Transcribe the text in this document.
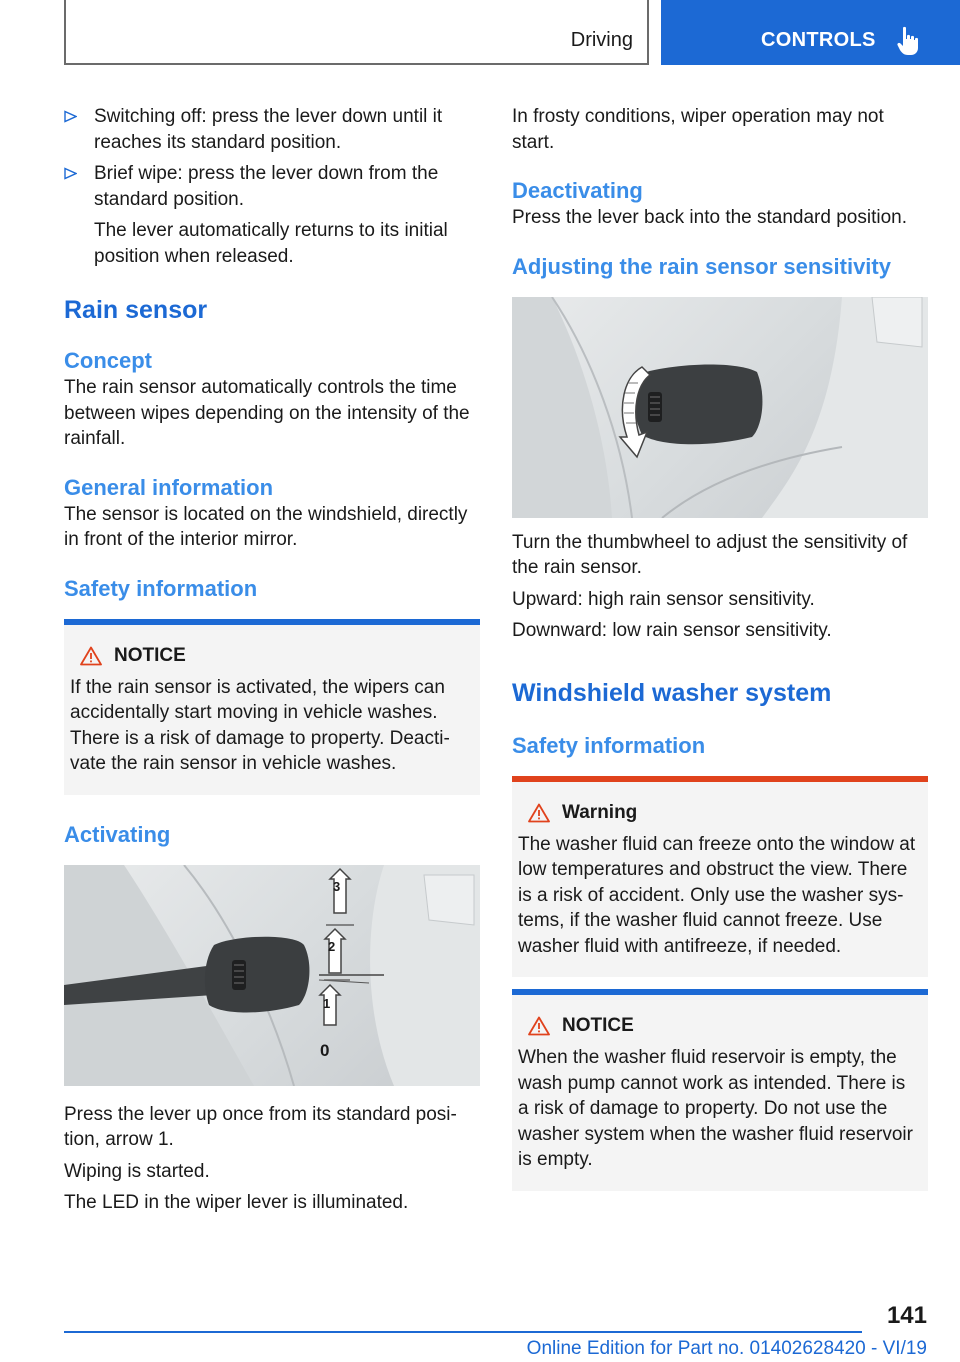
Driving	CONTROLS
Switching off: press the lever down until it reaches its standard position.
Brief wipe: press the lever down from the standard position.

The lever automatically returns to its initial position when released.

Rain sensor
Concept

The rain sensor automatically controls the time between wipes depending on the intensity of the rainfall.

General information

The sensor is located on the windshield, directly in front of the interior mirror.

Safety information
NOTICE

If the rain sensor is activated, the wipers can accidentally start moving in vehicle washes. There is a risk of damage to property. Deactivate the rain sensor in vehicle washes.

Activating
3
2
1
0

Press the lever up once from its standard position, arrow 1.

Wiping is started.

The LED in the wiper lever is illuminated.

In frosty conditions, wiper operation may not start.

Deactivating

Press the lever back into the standard position.

Adjusting the rain sensor sensitivity

Turn the thumbwheel to adjust the sensitivity of the rain sensor.

Upward: high rain sensor sensitivity.

Downward: low rain sensor sensitivity.

Windshield washer system
Safety information
Warning

The washer fluid can freeze onto the window at low temperatures and obstruct the view. There is a risk of accident. Only use the washer systems, if the washer fluid cannot freeze. Use washer fluid with antifreeze, if needed.

NOTICE

When the washer fluid reservoir is empty, the wash pump cannot work as intended. There is a risk of damage to property. Do not use the washer system when the washer fluid reservoir is empty.

141
Online Edition for Part no. 01402628420 - VI/19
